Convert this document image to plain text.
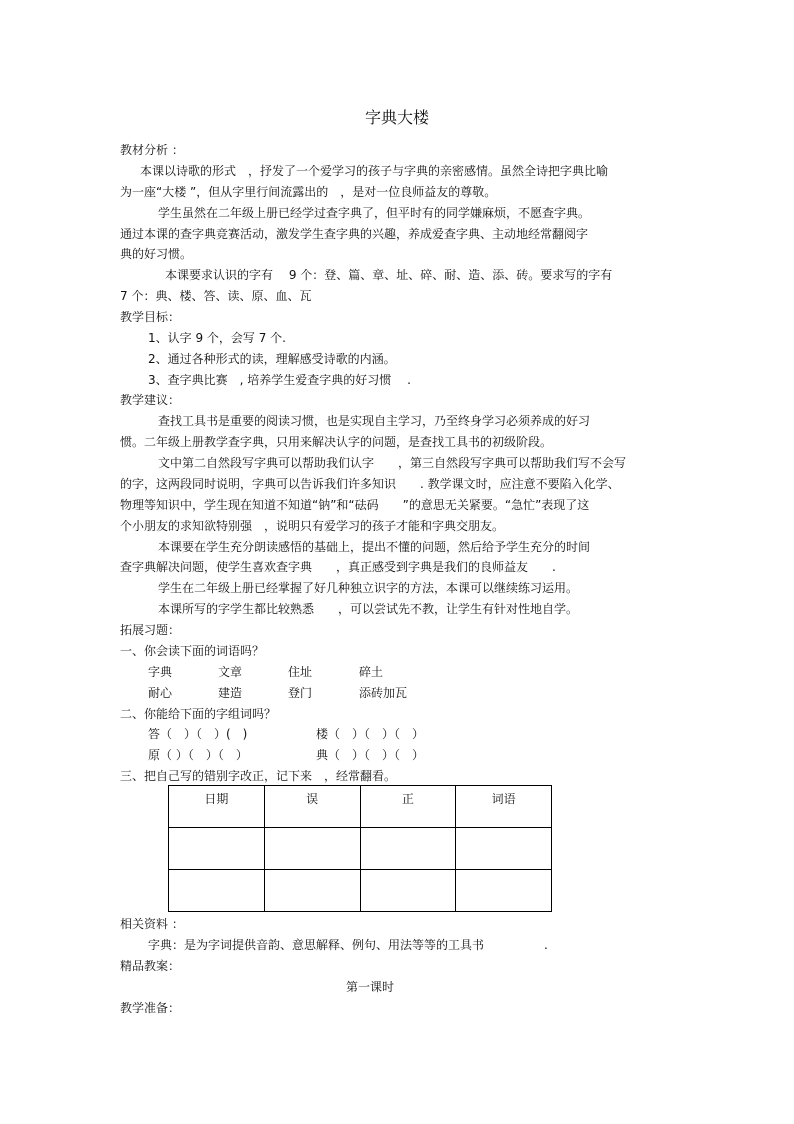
字典大楼
教材分析 ：
本课以诗歌的形式　，抒发了一个爱学习的孩子与字典的亲密感情。虽然全诗把字典比喻
为一座“大楼 ”，但从字里行间流露出的　，是对一位良师益友的尊敬。
学生虽然在二年级上册已经学过查字典了，但平时有的同学嫌麻烦，不愿查字典。
通过本课的查字典竞赛活动，激发学生查字典的兴趣，养成爱查字典、主动地经常翻阅字
典的好习惯。
本课要求认识的字有　 9 个：登、篇、章、址、碎、耐、造、添、砖。要求写的字有
7 个：典、楼、答、读、原、血、瓦
教学目标：
1、认字 9 个，会写 7 个.
2、通过各种形式的读，理解感受诗歌的内涵。
3、查字典比赛　, 培养学生爱查字典的好习惯　 .
教学建议：
查找工具书是重要的阅读习惯，也是实现自主学习，乃至终身学习必须养成的好习
惯。二年级上册教学查字典，只用来解决认字的问题，是查找工具书的初级阶段。
文中第二自然段写字典可以帮助我们认字　　，第三自然段写字典可以帮助我们写不会写
的字，这两段同时说明，字典可以告诉我们许多知识　　. 教学课文时，应注意不要陷入化学、
物理等知识中，学生现在知道不知道“钠”和“砝码　　”的意思无关紧要。“急忙”表现了这
个小朋友的求知欲特别强　，说明只有爱学习的孩子才能和字典交朋友。
本课要在学生充分朗读感悟的基础上，提出不懂的问题，然后给予学生充分的时间
查字典解决问题，使学生喜欢查字典　　，真正感受到字典是我们的良师益友　　.
学生在二年级上册已经掌握了好几种独立识字的方法，本课可以继续练习运用。
本课所写的字学生都比较熟悉　　，可以尝试先不教，让学生有针对性地自学。
拓展习题：
一、你会读下面的词语吗？
字典	文章	住址	碎土
耐心	建造	登门	添砖加瓦
二、你能给下面的字组词吗？
答（　）（　）(　)	楼（　）（　）（　）
原（ ）（　）（　）	典（　）（　）（　）
三、把自己写的错别字改正，记下来　，经常翻看。
日期	误	正	词语

相关资料 ：
字典：是为字词提供音韵、意思解释、例句、用法等等的工具书　　　　　.
精品教案：
第一课时
教学准备：
